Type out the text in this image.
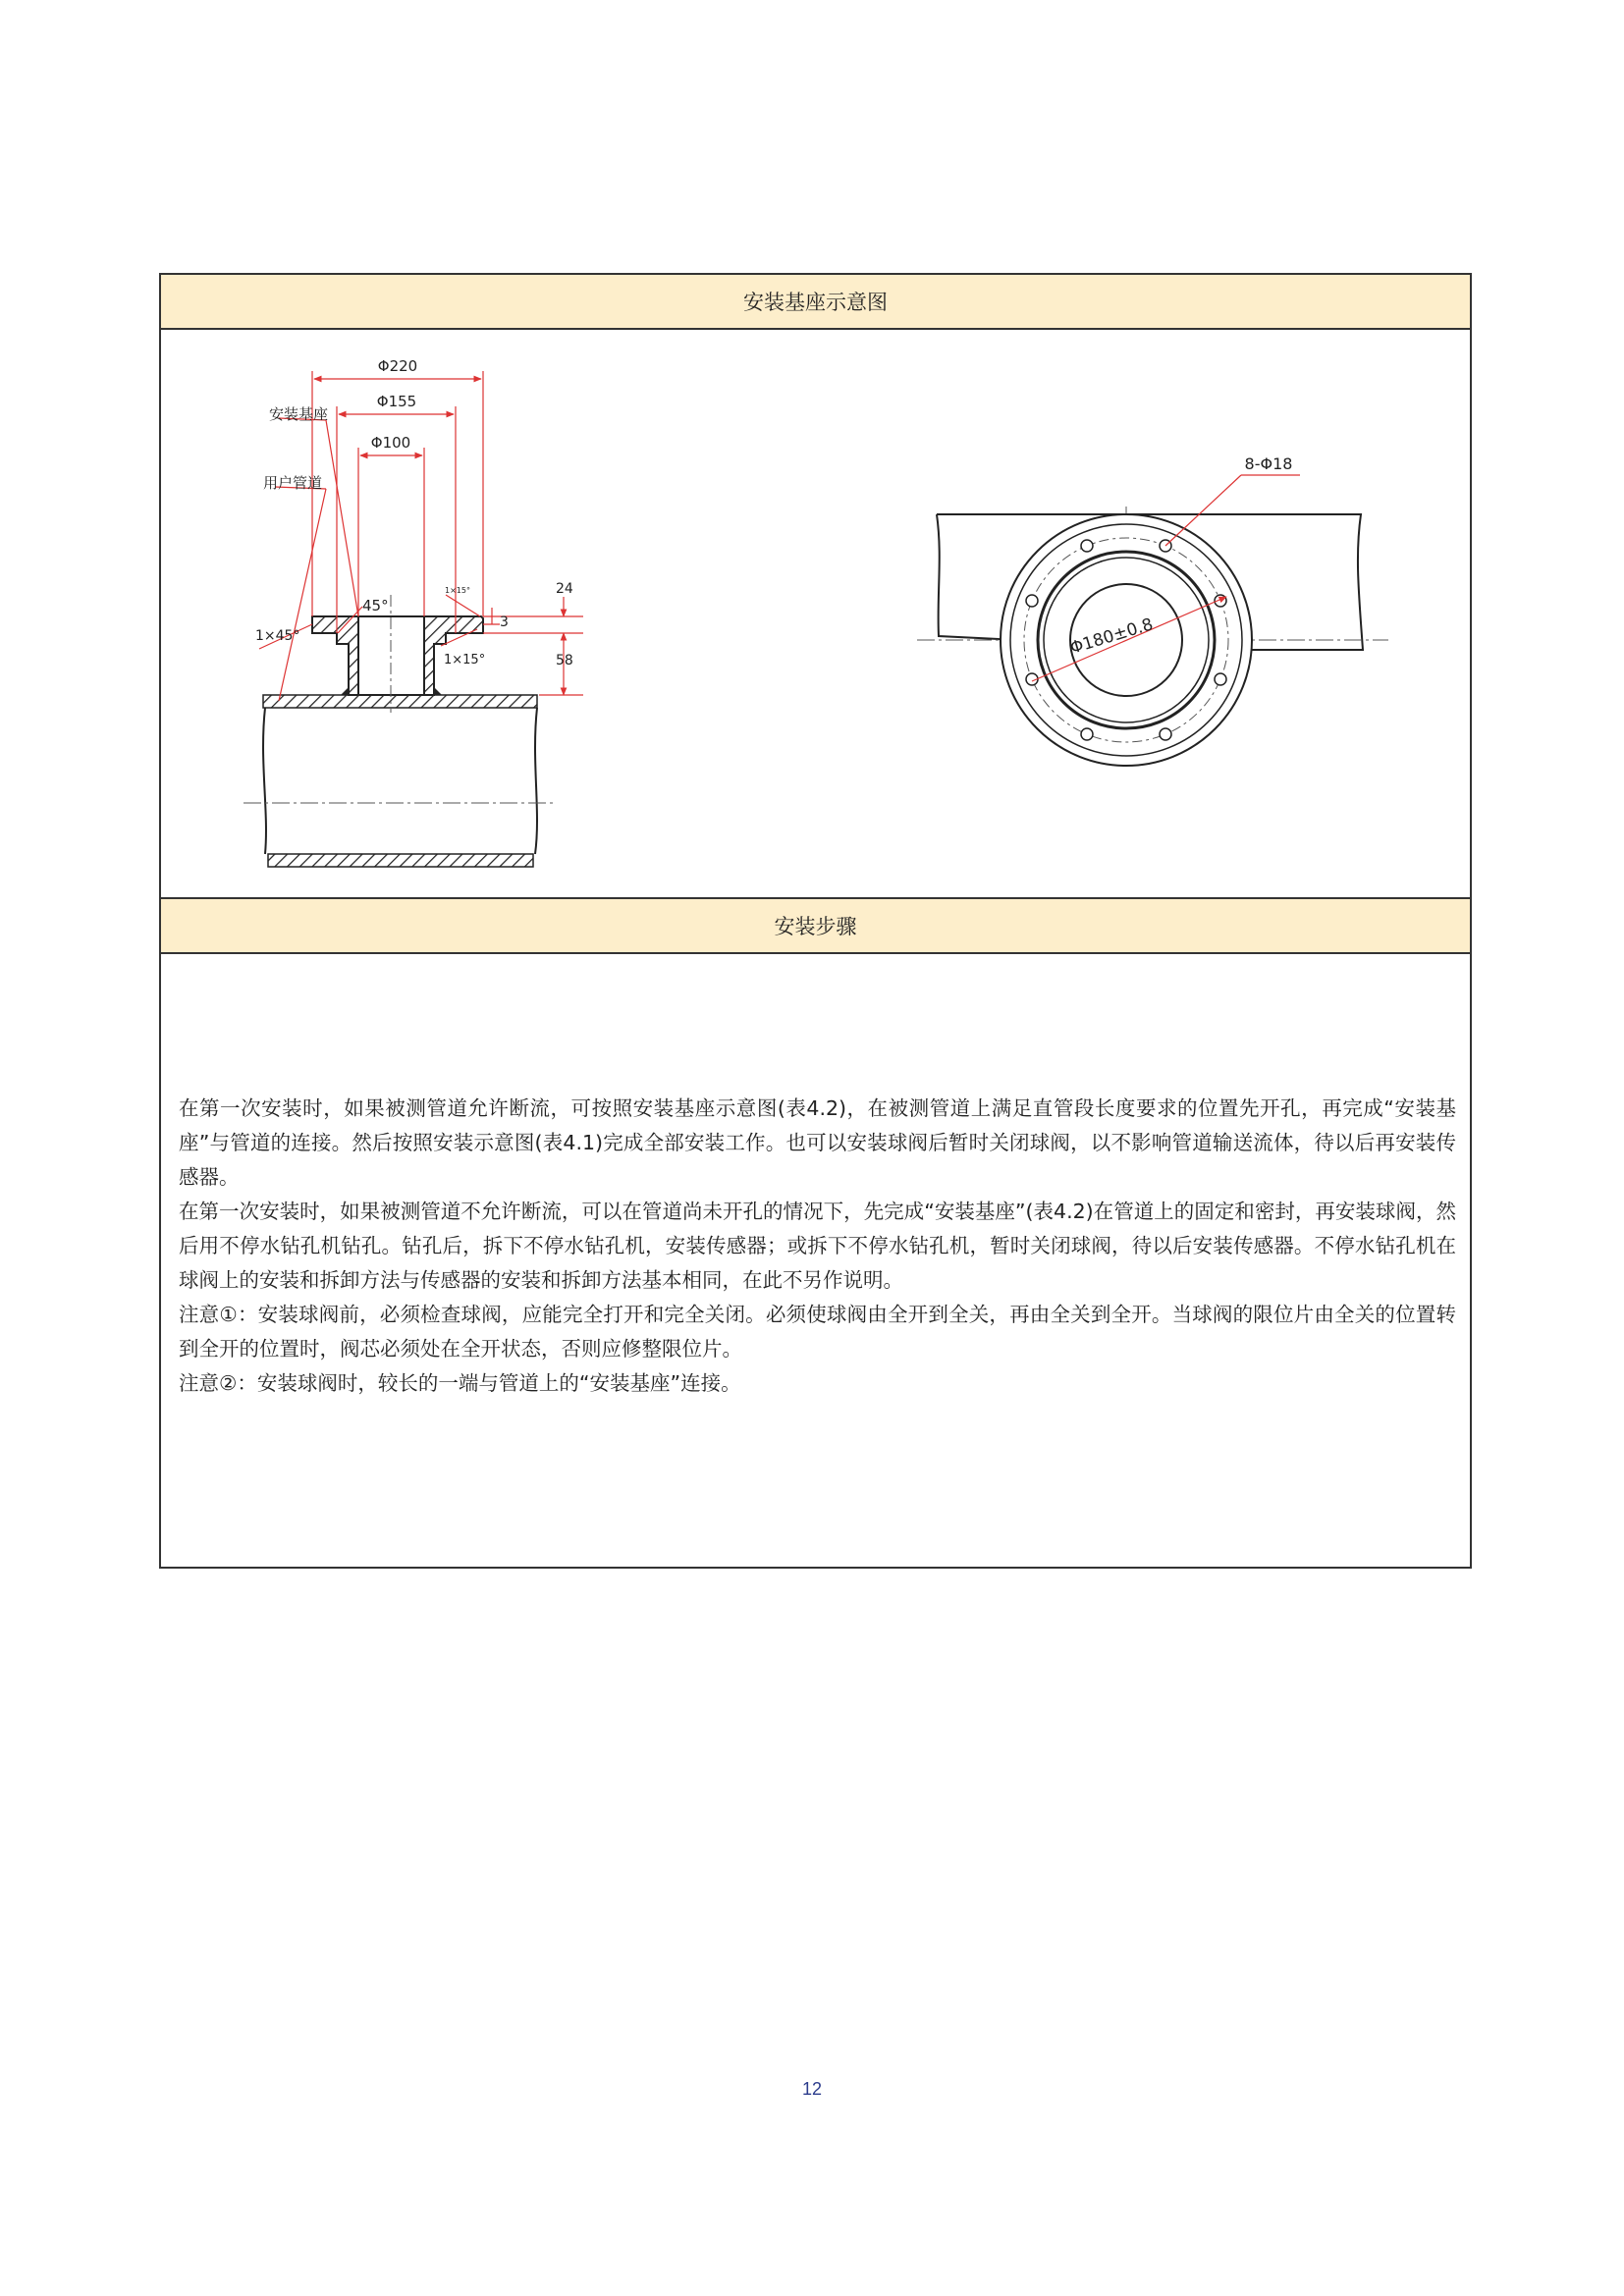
安装基座示意图
安装基座
用户管道
Φ220
Φ155
Φ100
45°
1×45°
1×15°
1×15°
3
24
58
8-Φ18
Φ180±0.8
安装步骤

在第一次安装时，如果被测管道允许断流，可按照安装基座示意图(表4.2)，在被测管道上满足直管段长度要求的位置先开孔，再完成“安装基座”与管道的连接。然后按照安装示意图(表4.1)完成全部安装工作。也可以安装球阀后暂时关闭球阀，以不影响管道输送流体，待以后再安装传感器。

在第一次安装时，如果被测管道不允许断流，可以在管道尚未开孔的情况下，先完成“安装基座”(表4.2)在管道上的固定和密封，再安装球阀，然后用不停水钻孔机钻孔。钻孔后，拆下不停水钻孔机，安装传感器；或拆下不停水钻孔机，暂时关闭球阀，待以后安装传感器。不停水钻孔机在球阀上的安装和拆卸方法与传感器的安装和拆卸方法基本相同，在此不另作说明。

注意①：安装球阀前，必须检查球阀，应能完全打开和完全关闭。必须使球阀由全开到全关，再由全关到全开。当球阀的限位片由全关的位置转到全开的位置时，阀芯必须处在全开状态，否则应修整限位片。

注意②：安装球阀时，较长的一端与管道上的“安装基座”连接。

12
